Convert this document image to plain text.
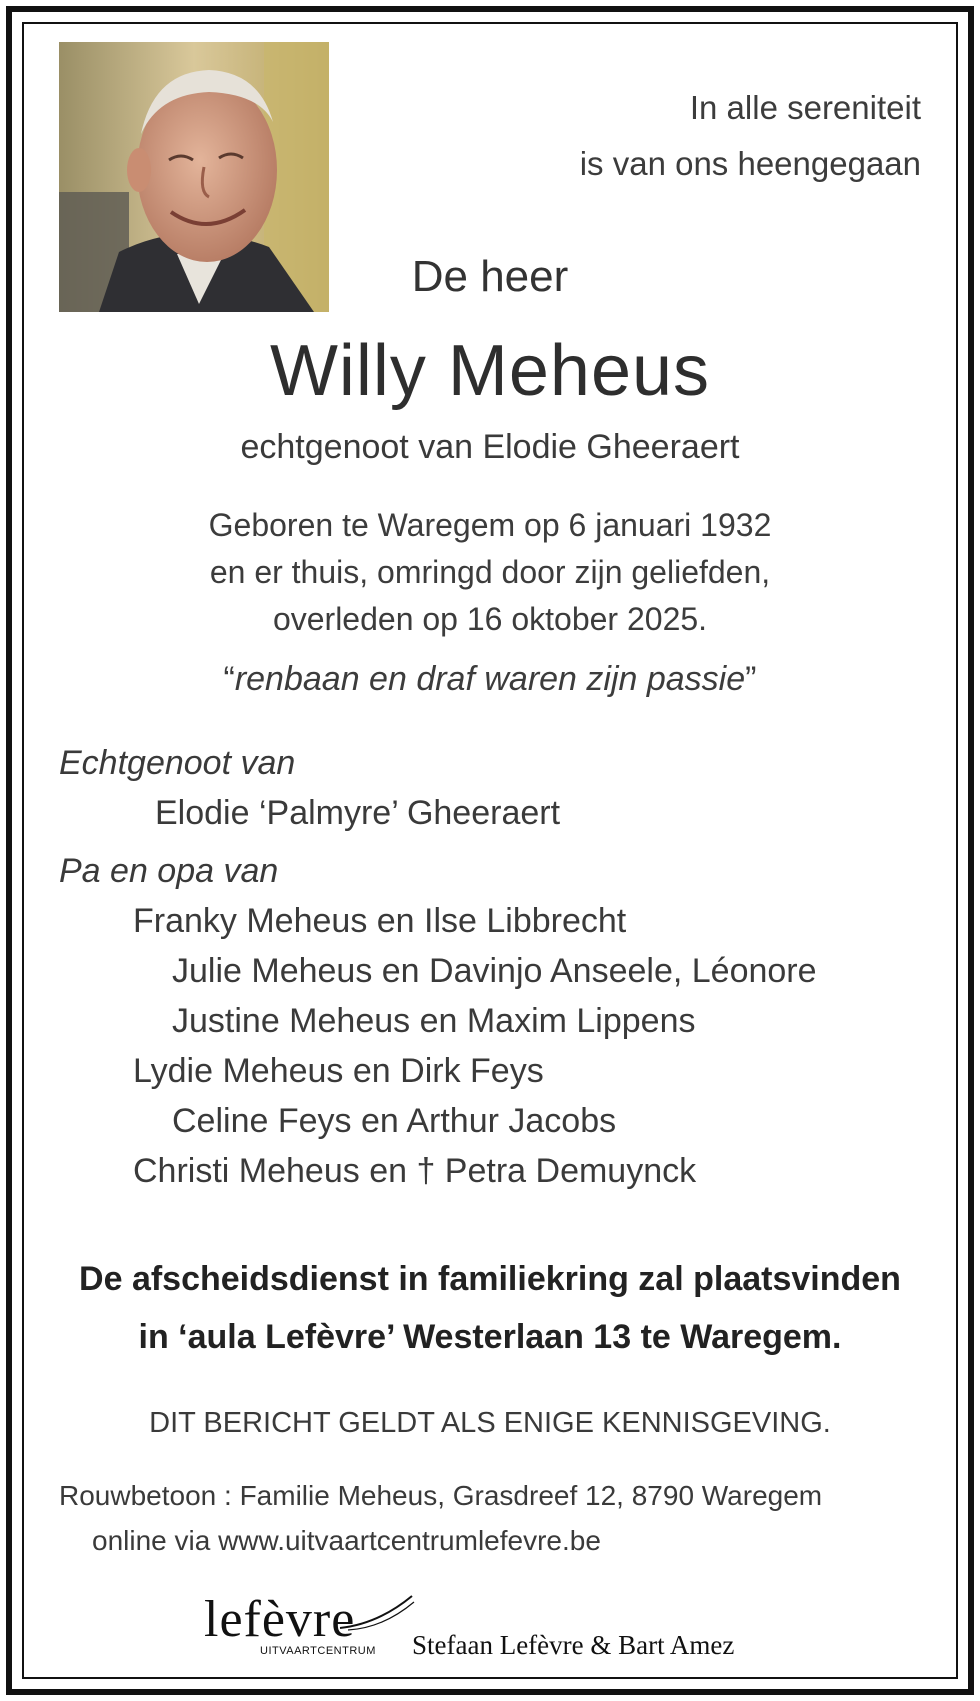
In alle sereniteit
is van ons heengegaan
De heer
Willy Meheus
echtgenoot van Elodie Gheeraert
Geboren te Waregem op 6 januari 1932
en er thuis, omringd door zijn geliefden,
overleden op 16 oktober 2025.
“renbaan en draf waren zijn passie”
Echtgenoot van
Elodie ‘Palmyre’ Gheeraert
Pa en opa van
Franky Meheus en Ilse Libbrecht
Julie Meheus en Davinjo Anseele, Léonore
Justine Meheus en Maxim Lippens
Lydie Meheus en Dirk Feys
Celine Feys en Arthur Jacobs
Christi Meheus en † Petra Demuynck
De afscheidsdienst in familiekring zal plaatsvinden
in ‘aula Lefèvre’ Westerlaan 13 te Waregem.
DIT BERICHT GELDT ALS ENIGE KENNISGEVING.
Rouwbetoon : Familie Meheus, Grasdreef 12, 8790 Waregem
online via www.uitvaartcentrumlefevre.be
lefèvre
UITVAARTCENTRUM Stefaan Lefèvre & Bart Amez
